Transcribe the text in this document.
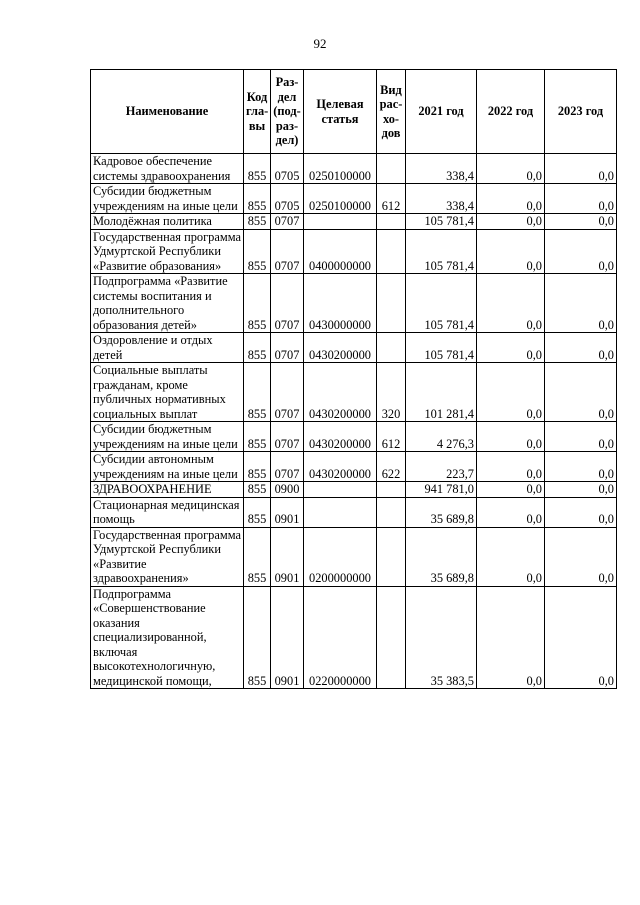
92
Наименование	Код гла- вы	Раз- дел (под- раз- дел)	Целевая статья	Вид рас- хо- дов	2021 год	2022 год	2023 год
Кадровое обеспечение системы здравоохранения	855	0705	0250100000		338,4	0,0	0,0
Субсидии бюджетным учреждениям на иные цели	855	0705	0250100000	612	338,4	0,0	0,0
Молодёжная политика	855	0707			105 781,4	0,0	0,0
Государственная программа Удмуртской Республики «Развитие образования»	855	0707	0400000000		105 781,4	0,0	0,0
Подпрограмма «Развитие системы воспитания и дополнительного образования детей»	855	0707	0430000000		105 781,4	0,0	0,0
Оздоровление и отдых детей	855	0707	0430200000		105 781,4	0,0	0,0
Социальные выплаты гражданам, кроме публичных нормативных социальных выплат	855	0707	0430200000	320	101 281,4	0,0	0,0
Субсидии бюджетным учреждениям на иные цели	855	0707	0430200000	612	4 276,3	0,0	0,0
Субсидии автономным учреждениям на иные цели	855	0707	0430200000	622	223,7	0,0	0,0
ЗДРАВООХРАНЕНИЕ	855	0900			941 781,0	0,0	0,0
Стационарная медицинская помощь	855	0901			35 689,8	0,0	0,0
Государственная программа Удмуртской Республики «Развитие здравоохранения»	855	0901	0200000000		35 689,8	0,0	0,0
Подпрограмма «Совершенствование оказания специализированной, включая высокотехнологичную, медицинской помощи,	855	0901	0220000000		35 383,5	0,0	0,0
